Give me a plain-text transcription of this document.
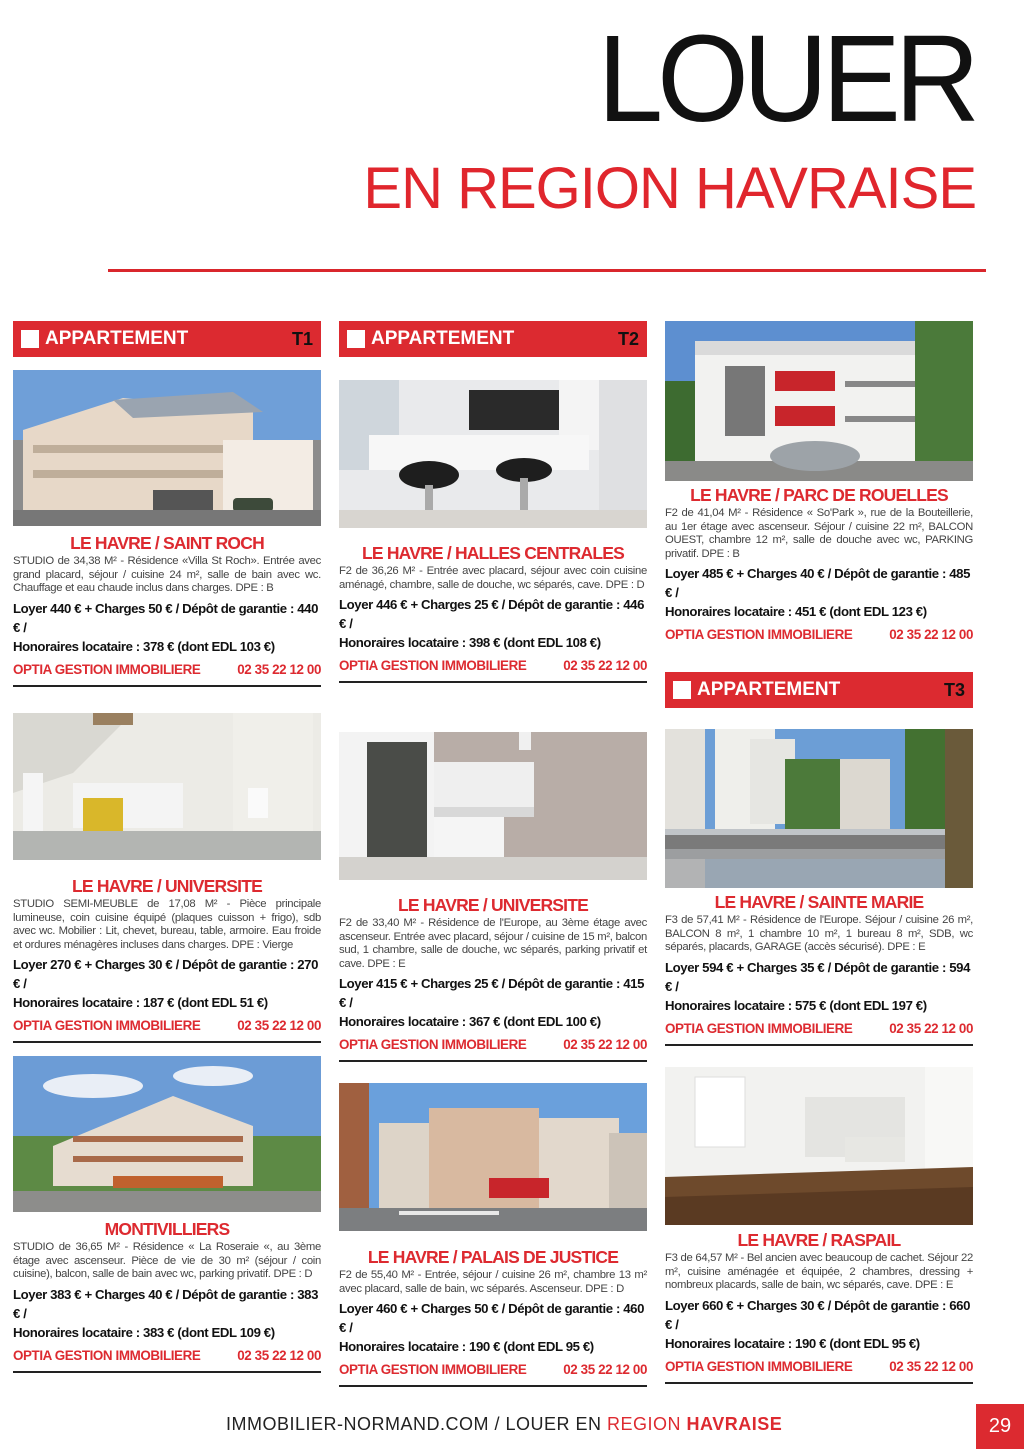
LOUER
EN REGION HAVRAISE
APPARTEMENT	T1	APPARTEMENT	T2
APPARTEMENT	T3
LE HAVRE / SAINT ROCH

STUDIO de 34,38 M² - Résidence «Villa St Roch». Entrée avec grand placard, séjour / cuisine 24 m², salle de bain avec wc. Chauffage et eau chaude inclus dans charges. DPE : B

Loyer 440 € + Charges 50 € / Dépôt de garantie : 440 € /

Honoraires locataire : 378 € (dont EDL 103 €)

OPTIA GESTION IMMOBILIERE	02 35 22 12 00
LE HAVRE / HALLES CENTRALES

F2 de 36,26 M² - Entrée avec placard, séjour avec coin cuisine aménagé, chambre, salle de douche, wc séparés, cave. DPE : D

Loyer 446 € + Charges 25 € / Dépôt de garantie : 446 € /

Honoraires locataire : 398 € (dont EDL 108 €)

OPTIA GESTION IMMOBILIERE	02 35 22 12 00
LE HAVRE / PARC DE ROUELLES

F2 de 41,04 M² - Résidence « So'Park », rue de la Bouteillerie, au 1er étage avec ascenseur. Séjour / cuisine 22 m², BALCON OUEST, chambre 12 m², salle de douche avec wc, PARKING privatif. DPE : B

Loyer 485 € + Charges 40 € / Dépôt de garantie : 485 € /

Honoraires locataire : 451 € (dont EDL 123 €)

OPTIA GESTION IMMOBILIERE	02 35 22 12 00
LE HAVRE / UNIVERSITE

STUDIO SEMI-MEUBLE de 17,08 M² - Pièce principale lumineuse, coin cuisine équipé (plaques cuisson + frigo), sdb avec wc. Mobilier : Lit, chevet, bureau, table, armoire. Eau froide et ordures ménagères incluses dans charges. DPE : Vierge

Loyer 270 € + Charges 30 € / Dépôt de garantie : 270 € /

Honoraires locataire : 187 € (dont EDL 51 €)

OPTIA GESTION IMMOBILIERE	02 35 22 12 00
LE HAVRE / UNIVERSITE

F2 de 33,40 M² - Résidence de l'Europe, au 3ème étage avec ascenseur. Entrée avec placard, séjour / cuisine de 15 m², balcon sud, 1 chambre, salle de douche, wc séparés, parking privatif et cave. DPE : E

Loyer 415 € + Charges 25 € / Dépôt de garantie : 415 € /

Honoraires locataire : 367 € (dont EDL 100 €)

OPTIA GESTION IMMOBILIERE	02 35 22 12 00
LE HAVRE / SAINTE MARIE

F3 de 57,41 M² - Résidence de l'Europe. Séjour / cuisine 26 m², BALCON 8 m², 1 chambre 10 m², 1 bureau 8 m², SDB, wc séparés, placards, GARAGE (accès sécurisé). DPE : E

Loyer 594 € + Charges 35 € / Dépôt de garantie : 594 € /

Honoraires locataire : 575 € (dont EDL 197 €)

OPTIA GESTION IMMOBILIERE	02 35 22 12 00
MONTIVILLIERS

STUDIO de 36,65 M² - Résidence « La Roseraie «, au 3ème étage avec ascenseur. Pièce de vie de 30 m² (séjour / coin cuisine), balcon, salle de bain avec wc, parking privatif. DPE : D

Loyer 383 € + Charges 40 € / Dépôt de garantie : 383 € /

Honoraires locataire : 383 € (dont EDL 109 €)

OPTIA GESTION IMMOBILIERE	02 35 22 12 00
LE HAVRE / PALAIS DE JUSTICE

F2 de 55,40 M² - Entrée, séjour / cuisine 26 m², chambre 13 m² avec placard, salle de bain, wc séparés. Ascenseur. DPE : D

Loyer 460 € + Charges 50 € / Dépôt de garantie : 460 € /

Honoraires locataire : 190 € (dont EDL 95 €)

OPTIA GESTION IMMOBILIERE	02 35 22 12 00
LE HAVRE / RASPAIL

F3 de 64,57 M² - Bel ancien avec beaucoup de cachet. Séjour 22 m², cuisine aménagée et équipée, 2 chambres, dressing + nombreux placards, salle de bain, wc séparés, cave. DPE : E

Loyer 660 € + Charges 30 € / Dépôt de garantie : 660 € /

Honoraires locataire : 190 € (dont EDL 95 €)

OPTIA GESTION IMMOBILIERE	02 35 22 12 00
IMMOBILIER-NORMAND.COM / LOUER EN REGION HAVRAISE	29
